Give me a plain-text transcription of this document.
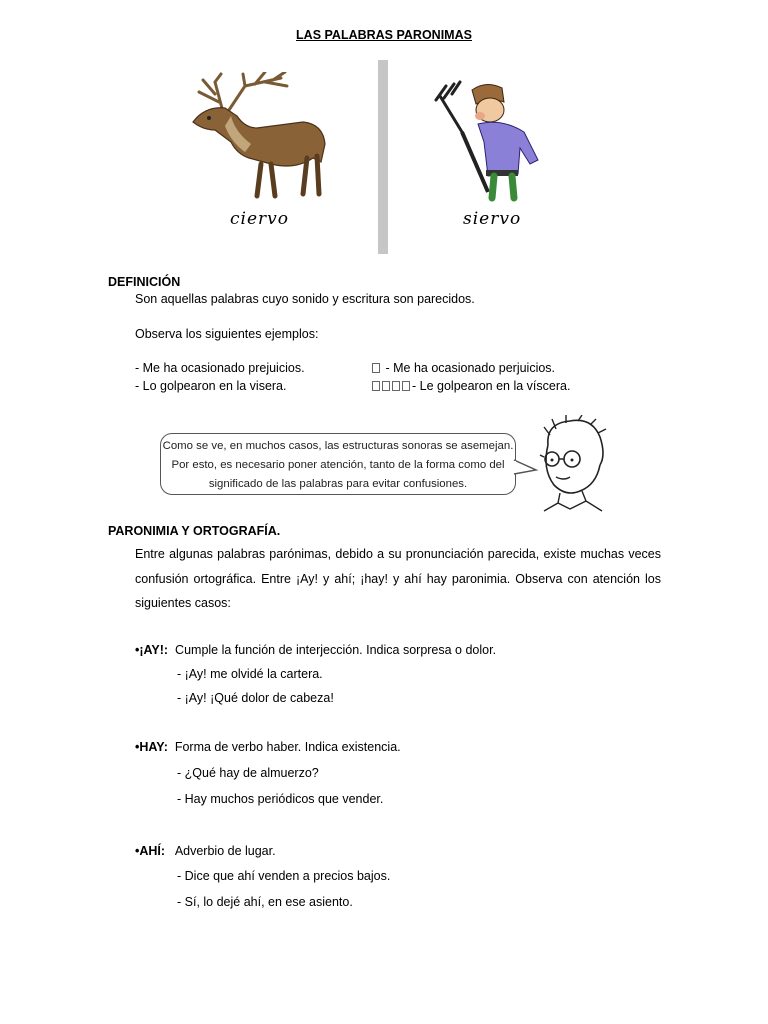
LAS PALABRAS PARONIMAS
ciervo	siervo
DEFINICIÓN
Son aquellas palabras cuyo sonido y escritura son parecidos.
Observa los siguientes ejemplos:
- Me ha ocasionado prejuicios.	- Me ha ocasionado perjuicios.
- Lo golpearon en la visera.	- Le golpearon en la víscera.
Como se ve, en muchos casos, las estructuras sonoras se asemejan. Por esto, es necesario poner atención, tanto de la forma como del significado de las palabras para evitar confusiones.
PARONIMIA Y ORTOGRAFÍA.
Entre algunas palabras parónimas, debido a su pronunciación parecida, existe muchas veces confusión ortográfica. Entre ¡Ay! y ahí; ¡hay! y ahí hay paronimia. Observa con atención los siguientes casos:
•¡AY!: Cumple la función de interjección. Indica sorpresa o dolor.
- ¡Ay! me olvidé la cartera.
- ¡Ay! ¡Qué dolor de cabeza!
•HAY: Forma de verbo haber. Indica existencia.
- ¿Qué hay de almuerzo?
- Hay muchos periódicos que vender.
•AHÍ: Adverbio de lugar.
- Dice que ahí venden a precios bajos.
- Sí, lo dejé ahí, en ese asiento.
